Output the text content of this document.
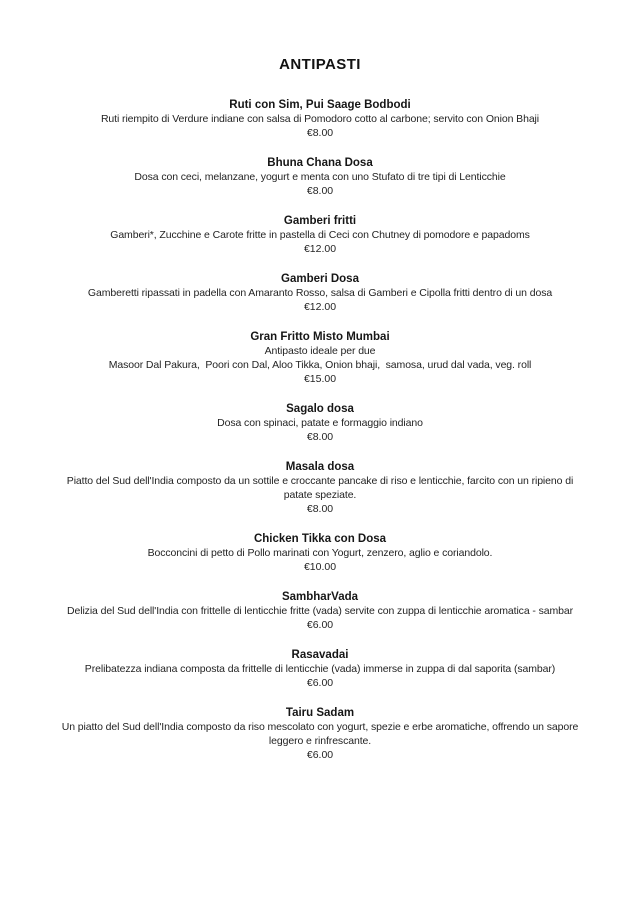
ANTIPASTI
Ruti con Sim, Pui Saage Bodbodi
Ruti riempito di Verdure indiane con salsa di Pomodoro cotto al carbone; servito con Onion Bhaji
€8.00
Bhuna Chana Dosa
Dosa con ceci, melanzane, yogurt e menta con uno Stufato di tre tipi di Lenticchie
€8.00
Gamberi fritti
Gamberi*, Zucchine e Carote fritte in pastella di Ceci con Chutney di pomodore e papadoms
€12.00
Gamberi Dosa
Gamberetti ripassati in padella con Amaranto Rosso, salsa di Gamberi e Cipolla fritti dentro di un dosa
€12.00
Gran Fritto Misto Mumbai
Antipasto ideale per due
Masoor Dal Pakura,  Poori con Dal, Aloo Tikka, Onion bhaji,  samosa, urud dal vada, veg. roll
€15.00
Sagalo dosa
Dosa con spinaci, patate e formaggio indiano
€8.00
Masala dosa
Piatto del Sud dell'India composto da un sottile e croccante pancake di riso e lenticchie, farcito con un ripieno di
patate speziate.
€8.00
Chicken Tikka con Dosa
Bocconcini di petto di Pollo marinati con Yogurt, zenzero, aglio e coriandolo.
€10.00
SambharVada
Delizia del Sud dell'India con frittelle di lenticchie fritte (vada) servite con zuppa di lenticchie aromatica - sambar
€6.00
Rasavadai
Prelibatezza indiana composta da frittelle di lenticchie (vada) immerse in zuppa di dal saporita (sambar)
€6.00
Tairu Sadam
Un piatto del Sud dell'India composto da riso mescolato con yogurt, spezie e erbe aromatiche, offrendo un sapore
leggero e rinfrescante.
€6.00
